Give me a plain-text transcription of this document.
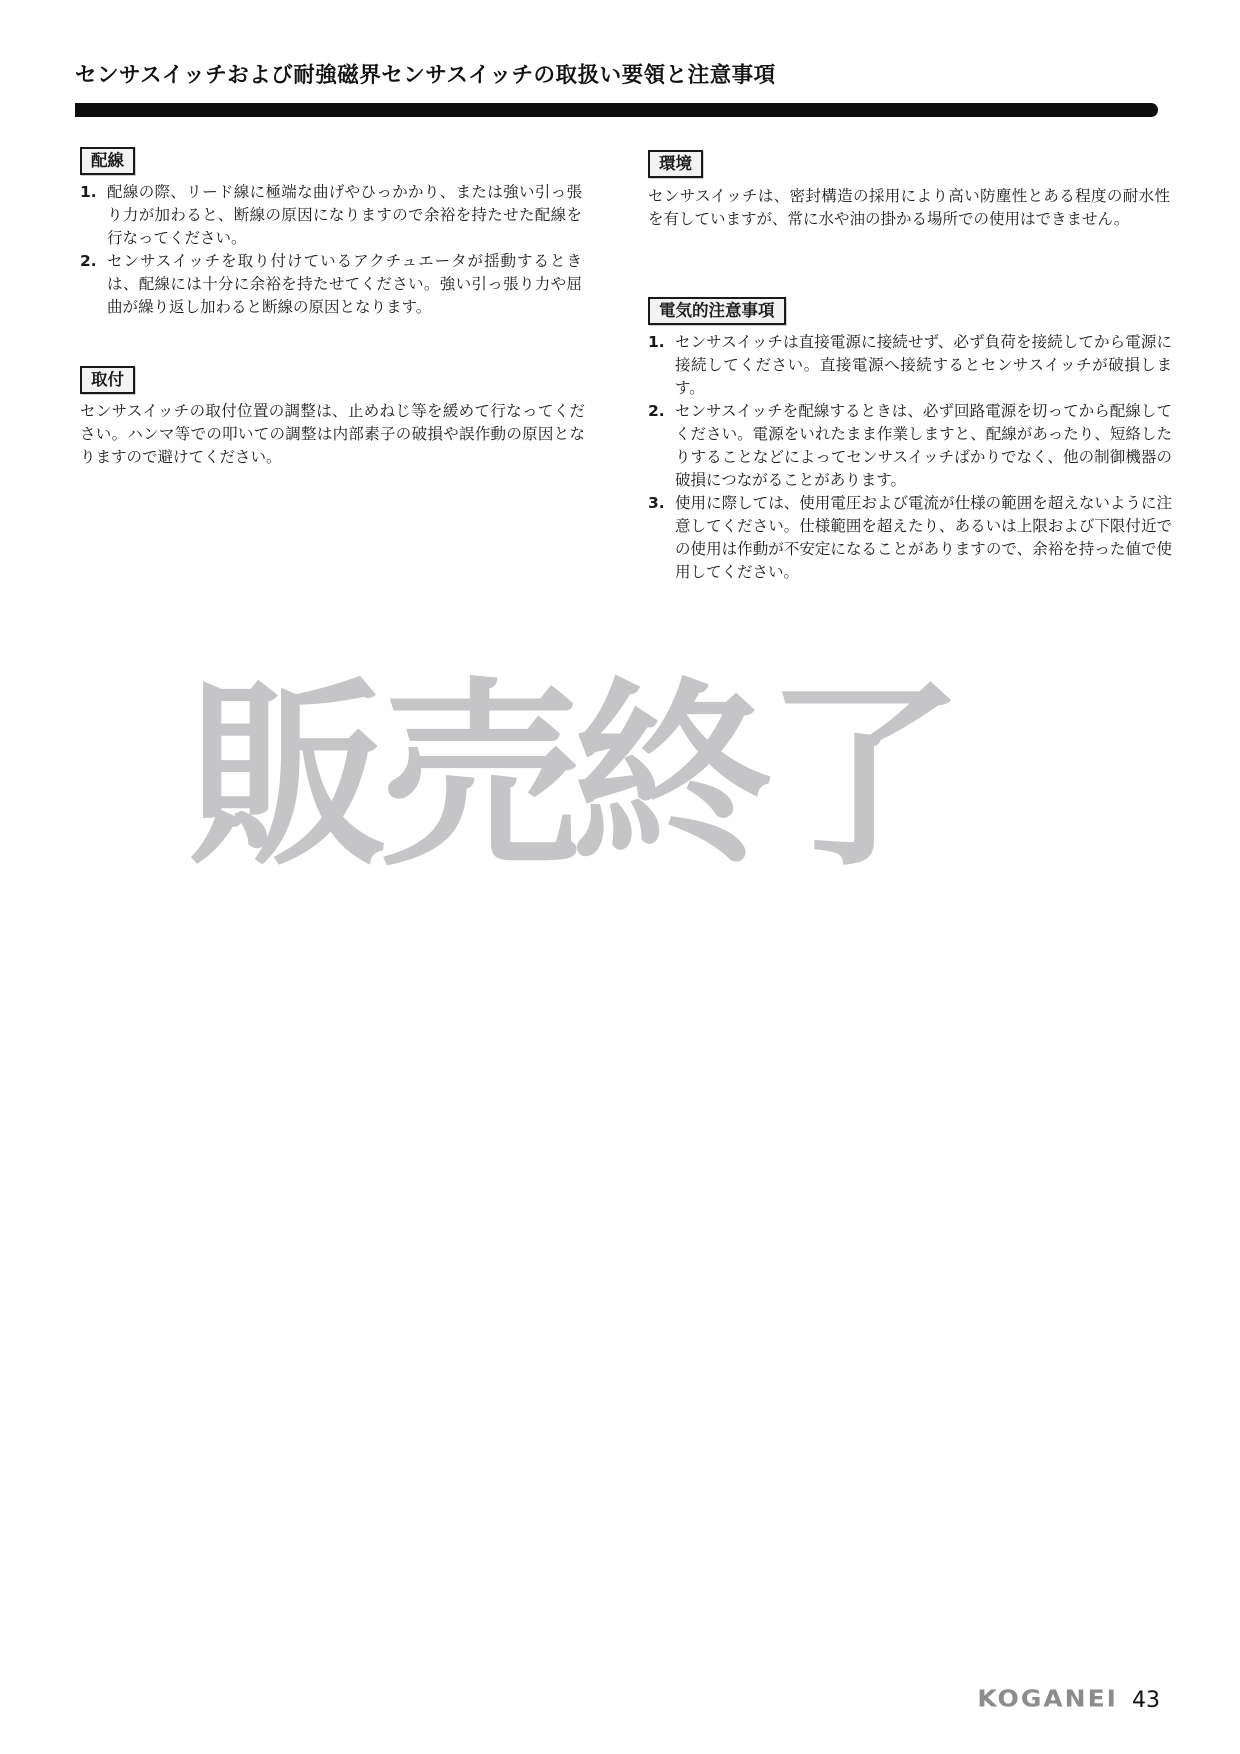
センサスイッチおよび耐強磁界センサスイッチの取扱い要領と注意事項
配線
1. 配線の際、リード線に極端な曲げやひっかかり、または強い引っ張り力が加わると、断線の原因になりますので余裕を持たせた配線を行なってください。
2. センサスイッチを取り付けているアクチュエータが揺動するときは、配線には十分に余裕を持たせてください。強い引っ張り力や屈曲が繰り返し加わると断線の原因となります。
取付
センサスイッチの取付位置の調整は、止めねじ等を緩めて行なってください。ハンマ等での叩いての調整は内部素子の破損や誤作動の原因となりますので避けてください。
環境
センサスイッチは、密封構造の採用により高い防塵性とある程度の耐水性を有していますが、常に水や油の掛かる場所での使用はできません。
電気的注意事項
1. センサスイッチは直接電源に接続せず、必ず負荷を接続してから電源に接続してください。直接電源へ接続するとセンサスイッチが破損します。
2. センサスイッチを配線するときは、必ず回路電源を切ってから配線してください。電源をいれたまま作業しますと、配線があったり、短絡したりすることなどによってセンサスイッチばかりでなく、他の制御機器の破損につながることがあります。
3. 使用に際しては、使用電圧および電流が仕様の範囲を超えないように注意してください。仕様範囲を超えたり、あるいは上限および下限付近での使用は作動が不安定になることがありますので、余裕を持った値で使用してください。
販売終了
KOGANEI 43
